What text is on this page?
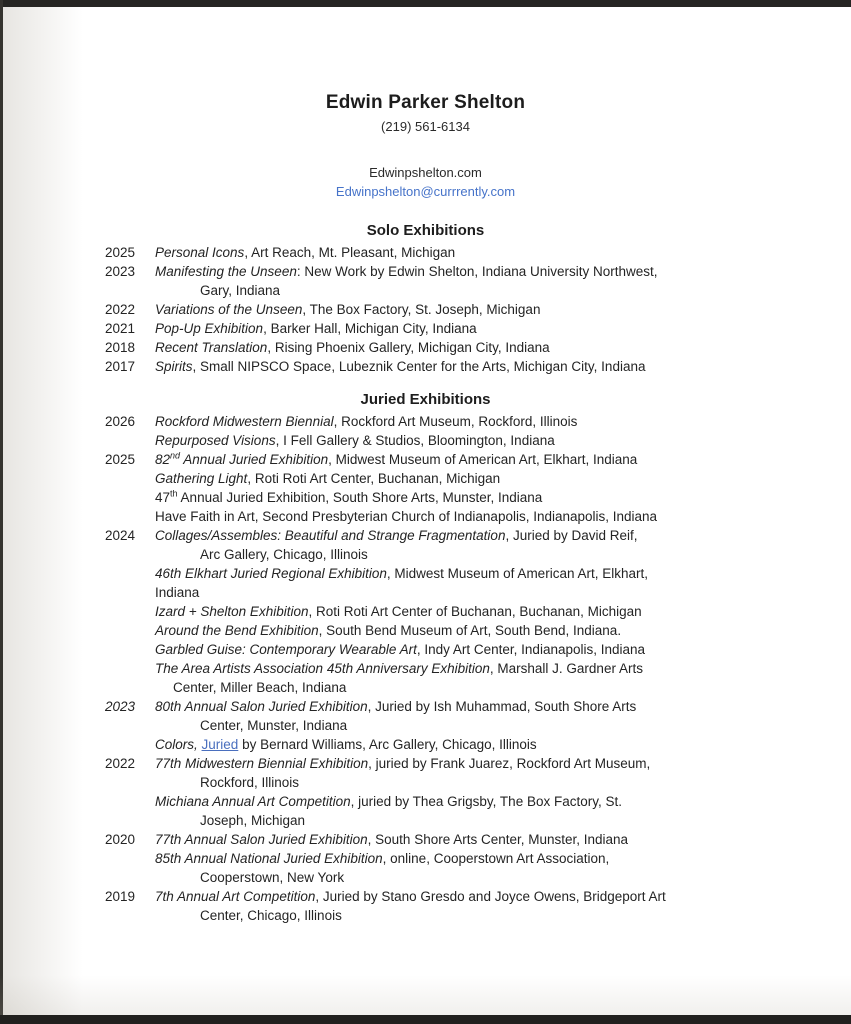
Edwin Parker Shelton
(219) 561-6134
Edwinpshelton.com
Edwinpshelton@currrently.com
Solo Exhibitions
2025	Personal Icons, Art Reach, Mt. Pleasant, Michigan
2023	Manifesting the Unseen: New Work by Edwin Shelton, Indiana University Northwest,
Gary, Indiana
2022	Variations of the Unseen, The Box Factory, St. Joseph, Michigan
2021	Pop-Up Exhibition, Barker Hall, Michigan City, Indiana
2018	Recent Translation, Rising Phoenix Gallery, Michigan City, Indiana
2017	Spirits, Small NIPSCO Space, Lubeznik Center for the Arts, Michigan City, Indiana
Juried Exhibitions
2026	Rockford Midwestern Biennial, Rockford Art Museum, Rockford, Illinois
Repurposed Visions, I Fell Gallery & Studios, Bloomington, Indiana
2025	82nd Annual Juried Exhibition, Midwest Museum of American Art, Elkhart, Indiana
Gathering Light, Roti Roti Art Center, Buchanan, Michigan
47th Annual Juried Exhibition, South Shore Arts, Munster, Indiana
Have Faith in Art, Second Presbyterian Church of Indianapolis, Indianapolis, Indiana
2024	Collages/Assembles: Beautiful and Strange Fragmentation, Juried by David Reif,
Arc Gallery, Chicago, Illinois
46th Elkhart Juried Regional Exhibition, Midwest Museum of American Art, Elkhart,
Indiana
Izard + Shelton Exhibition, Roti Roti Art Center of Buchanan, Buchanan, Michigan
Around the Bend Exhibition, South Bend Museum of Art, South Bend, Indiana.
Garbled Guise: Contemporary Wearable Art, Indy Art Center, Indianapolis, Indiana
The Area Artists Association 45th Anniversary Exhibition, Marshall J. Gardner Arts
Center, Miller Beach, Indiana
2023	80th Annual Salon Juried Exhibition, Juried by Ish Muhammad, South Shore Arts
Center, Munster, Indiana
Colors, Juried by Bernard Williams, Arc Gallery, Chicago, Illinois
2022	77th Midwestern Biennial Exhibition, juried by Frank Juarez, Rockford Art Museum,
Rockford, Illinois
Michiana Annual Art Competition, juried by Thea Grigsby, The Box Factory, St.
Joseph, Michigan
2020	77th Annual Salon Juried Exhibition, South Shore Arts Center, Munster, Indiana
85th Annual National Juried Exhibition, online, Cooperstown Art Association,
Cooperstown, New York
2019	7th Annual Art Competition, Juried by Stano Gresdo and Joyce Owens, Bridgeport Art
Center, Chicago, Illinois
